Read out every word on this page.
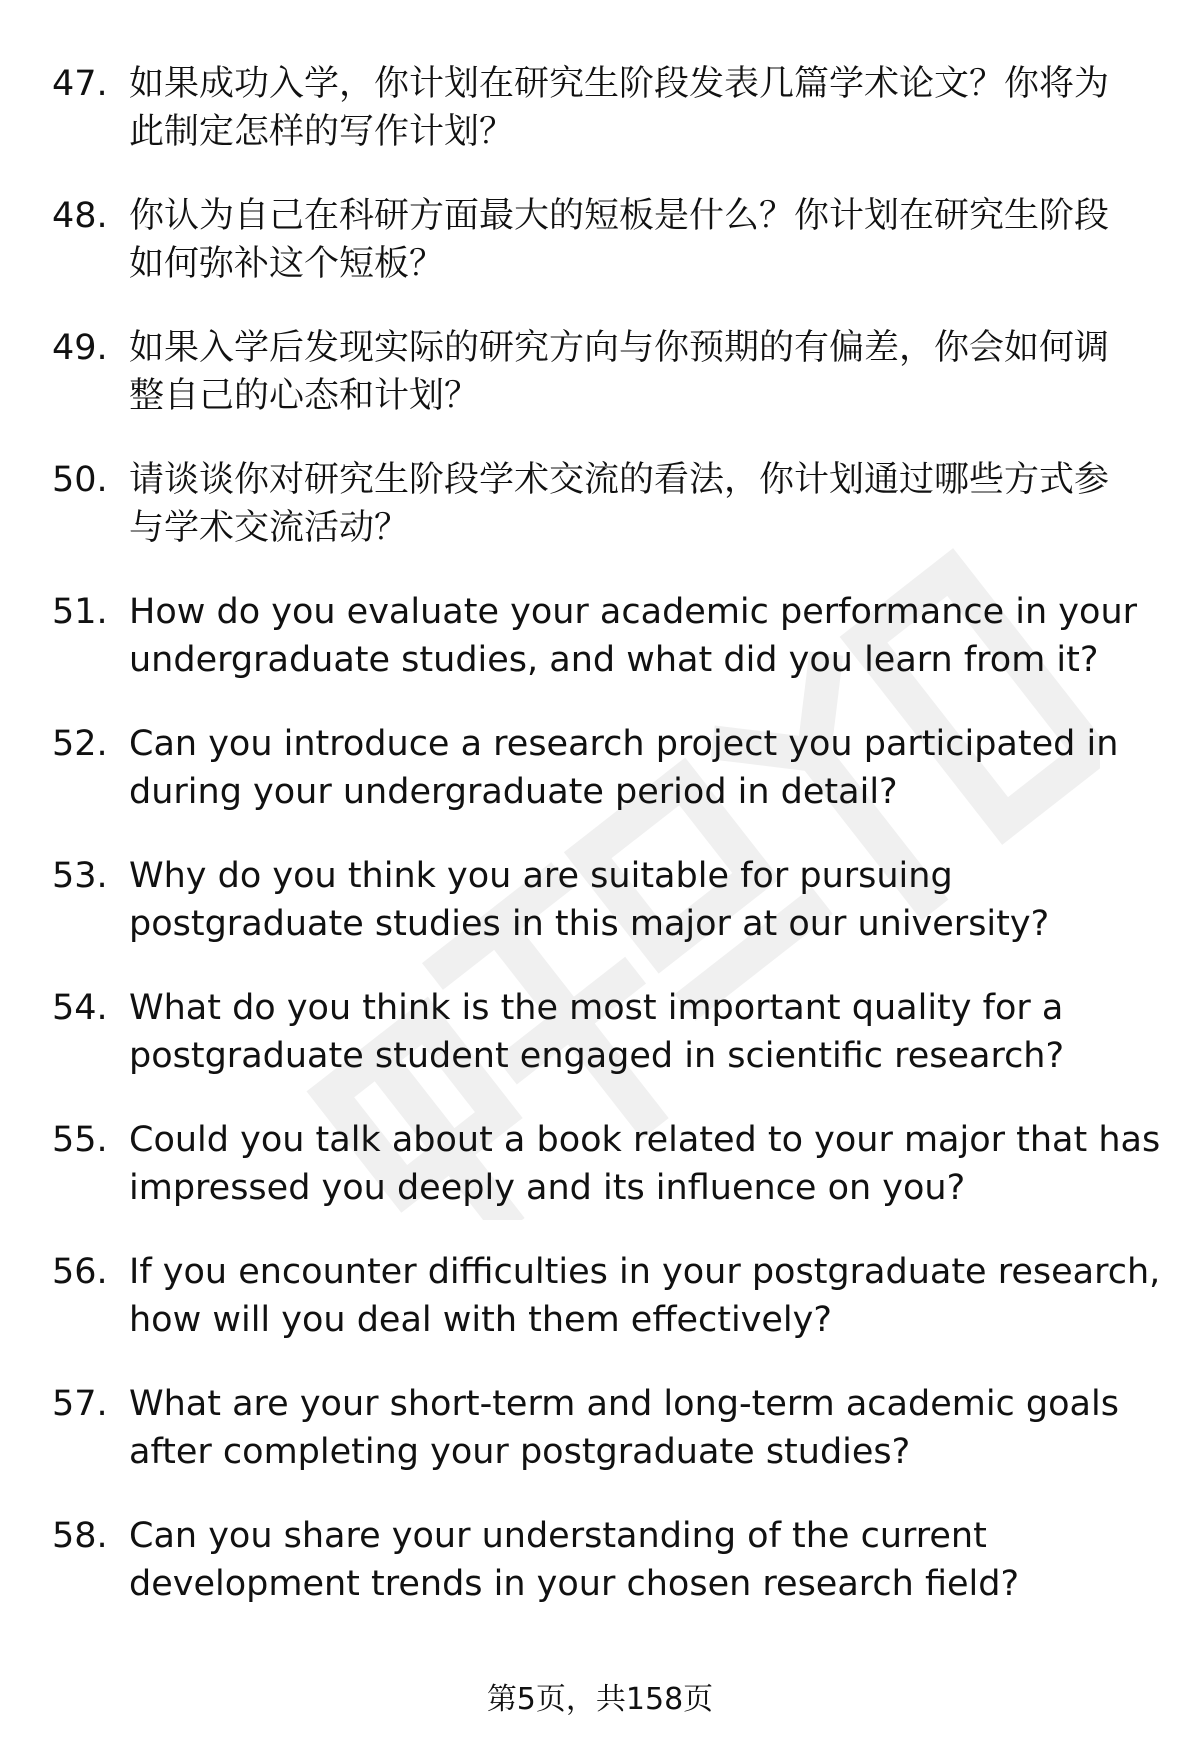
47. 如果成功入学，你计划在研究生阶段发表几篇学术论文？你将为
此制定怎样的写作计划？
48. 你认为自己在科研方面最大的短板是什么？你计划在研究生阶段
如何弥补这个短板？
49. 如果入学后发现实际的研究方向与你预期的有偏差，你会如何调
整自己的心态和计划？
50. 请谈谈你对研究生阶段学术交流的看法，你计划通过哪些方式参
与学术交流活动？
51. How do you evaluate your academic performance in your
undergraduate studies, and what did you learn from it?
52. Can you introduce a research project you participated in
during your undergraduate period in detail?
53. Why do you think you are suitable for pursuing
postgraduate studies in this major at our university?
54. What do you think is the most important quality for a
postgraduate student engaged in scientific research?
55. Could you talk about a book related to your major that has
impressed you deeply and its influence on you?
56. If you encounter difficulties in your postgraduate research,
how will you deal with them effectively?
57. What are your short-term and long-term academic goals
after completing your postgraduate studies?
58. Can you share your understanding of the current
development trends in your chosen research field?
第5页，共158页
